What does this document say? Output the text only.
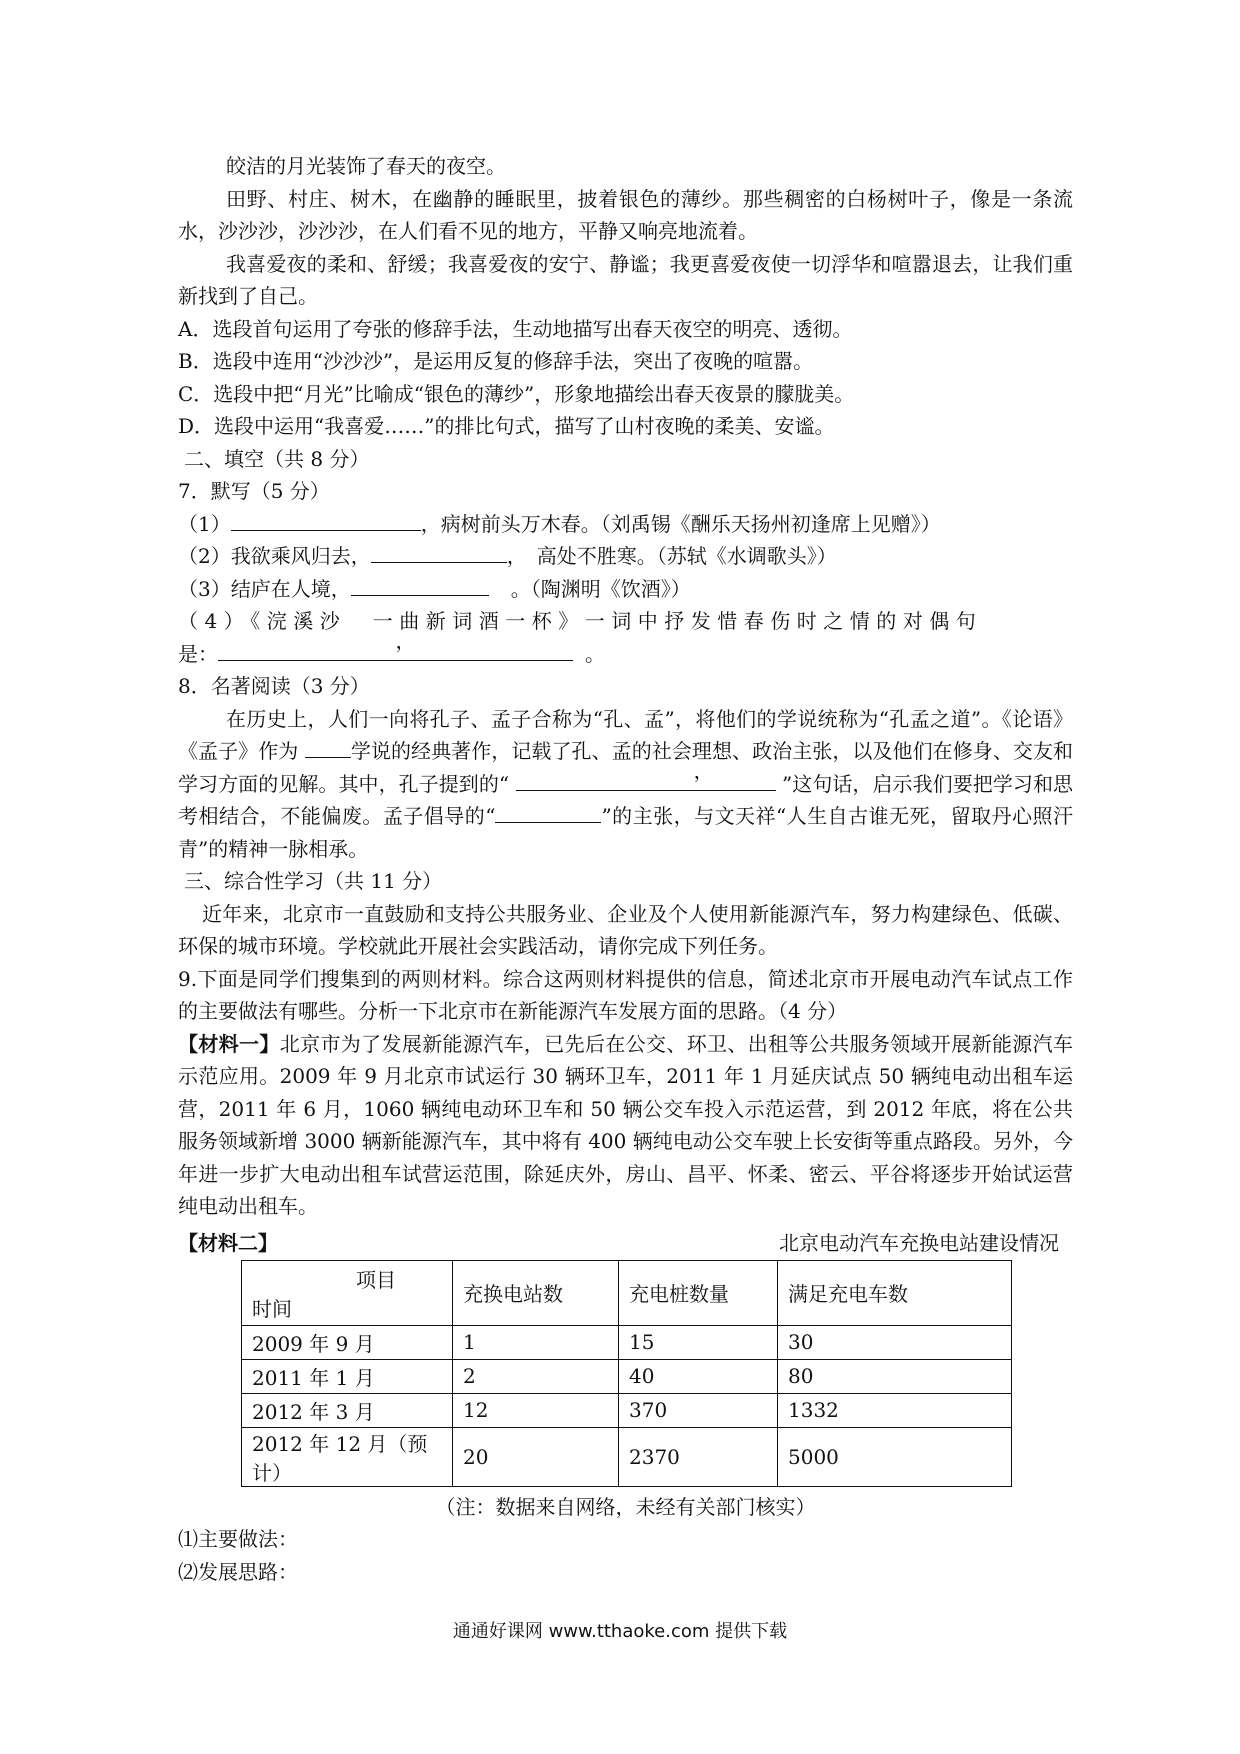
皎洁的月光装饰了春天的夜空。

田野、村庄、树木，在幽静的睡眠里，披着银色的薄纱。那些稠密的白杨树叶子，像是一条流水，沙沙沙，沙沙沙，在人们看不见的地方，平静又响亮地流着。

我喜爱夜的柔和、舒缓；我喜爱夜的安宁、静谧；我更喜爱夜使一切浮华和喧嚣退去，让我们重新找到了自己。

A．选段首句运用了夸张的修辞手法，生动地描写出春天夜空的明亮、透彻。

B．选段中连用“沙沙沙”，是运用反复的修辞手法，突出了夜晚的喧嚣。

C．选段中把“月光”比喻成“银色的薄纱”，形象地描绘出春天夜景的朦胧美。

D．选段中运用“我喜爱……”的排比句式，描写了山村夜晚的柔美、安谧。

二、填空（共 8 分）

7．默写（5 分）

（1）	，病树前头万木春。（刘禹锡《酬乐天扬州初逢席上见赠》）

（2）我欲乘风归去，	，　高处不胜寒。（苏轼《水调歌头》）

（3）结庐在人境，	。（陶渊明《饮酒》）

（4）《浣溪沙　一曲新词酒一杯》一词中抒发惜春伤时之情的对偶句

是：
，
。

8．名著阅读（3 分）

在历史上，人们一向将孔子、孟子合称为“孔、孟”，将他们的学说统称为“孔孟之道”。《论语》《孟子》作为	学说的经典著作，记载了孔、孟的社会理想、政治主张，以及他们在修身、交友和学习方面的见解。其中，孔子提到的“
，
”这句话，启示我们要把学习和思考相结合，不能偏废。孟子倡导的“	”的主张，与文天祥“人生自古谁无死，留取丹心照汗青”的精神一脉相承。

三、综合性学习（共 11 分）

近年来，北京市一直鼓励和支持公共服务业、企业及个人使用新能源汽车，努力构建绿色、低碳、环保的城市环境。学校就此开展社会实践活动，请你完成下列任务。

9.下面是同学们搜集到的两则材料。综合这两则材料提供的信息，简述北京市开展电动汽车试点工作的主要做法有哪些。分析一下北京市在新能源汽车发展方面的思路。（4 分）

【材料一】北京市为了发展新能源汽车，已先后在公交、环卫、出租等公共服务领域开展新能源汽车示范应用。2009 年 9 月北京市试运行 30 辆环卫车，2011 年 1 月延庆试点 50 辆纯电动出租车运营，2011 年 6 月，1060 辆纯电动环卫车和 50 辆公交车投入示范运营，到 2012 年底，将在公共服务领域新增 3000 辆新能源汽车，其中将有 400 辆纯电动公交车驶上长安街等重点路段。另外，今年进一步扩大电动出租车试营运范围，除延庆外，房山、昌平、怀柔、密云、平谷将逐步开始试运营纯电动出租车。

【材料二】	北京电动汽车充换电站建设情况
项目
时间	充换电站数	充电桩数量	满足充电车数
2009 年 9 月	1	15	30
2011 年 1 月	2	40	80
2012 年 3 月	12	370	1332
2012 年 12 月（预计）	20	2370	5000

（注：数据来自网络，未经有关部门核实）

⑴主要做法：

⑵发展思路：

通通好课网 www.tthaoke.com 提供下载
